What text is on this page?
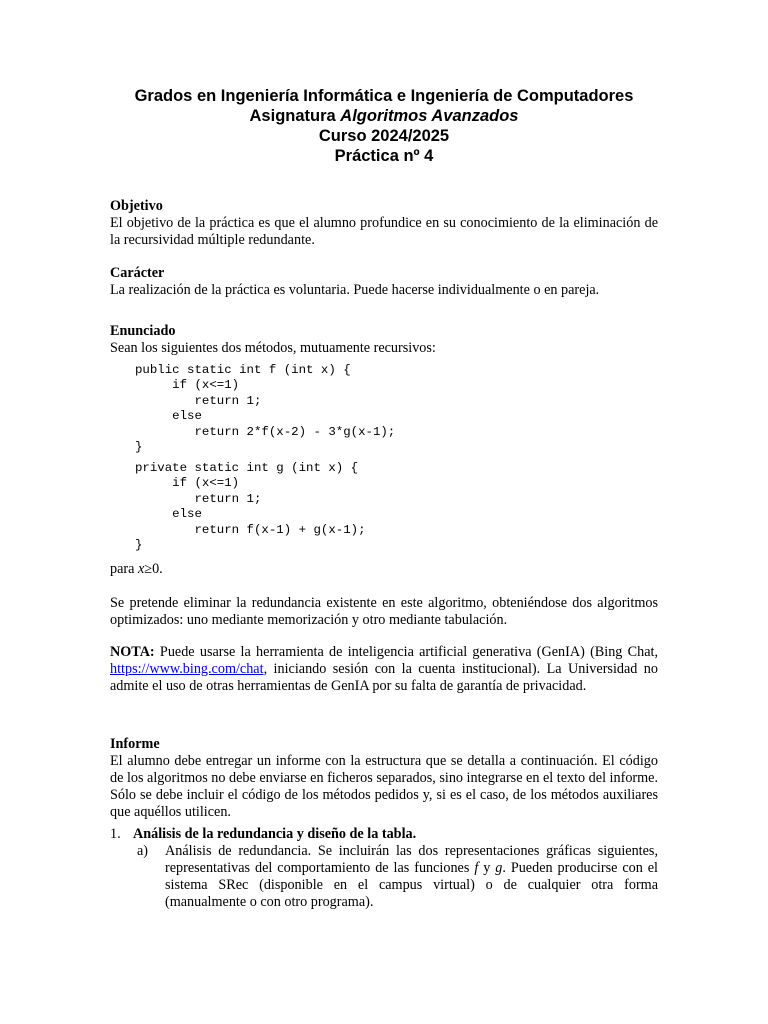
Grados en Ingeniería Informática e Ingeniería de Computadores
Asignatura Algoritmos Avanzados
Curso 2024/2025
Práctica nº 4
Objetivo
El objetivo de la práctica es que el alumno profundice en su conocimiento de la eliminación de la recursividad múltiple redundante.
Carácter
La realización de la práctica es voluntaria. Puede hacerse individualmente o en pareja.
Enunciado
Sean los siguientes dos métodos, mutuamente recursivos:
public static int f (int x) {
if (x<=1)
return 1;
else
return 2*f(x-2) - 3*g(x-1);
}
private static int g (int x) {
if (x<=1)
return 1;
else
return f(x-1) + g(x-1);
}
para x≥0.
Se pretende eliminar la redundancia existente en este algoritmo, obteniéndose dos algoritmos optimizados: uno mediante memorización y otro mediante tabulación.
NOTA: Puede usarse la herramienta de inteligencia artificial generativa (GenIA) (Bing Chat, https://www.bing.com/chat, iniciando sesión con la cuenta institucional). La Universidad no admite el uso de otras herramientas de GenIA por su falta de garantía de privacidad.
Informe
El alumno debe entregar un informe con la estructura que se detalla a continuación. El código de los algoritmos no debe enviarse en ficheros separados, sino integrarse en el texto del informe. Sólo se debe incluir el código de los métodos pedidos y, si es el caso, de los métodos auxiliares que aquéllos utilicen.
1. Análisis de la redundancia y diseño de la tabla.
a) Análisis de redundancia. Se incluirán las dos representaciones gráficas siguientes, representativas del comportamiento de las funciones f y g. Pueden producirse con el sistema SRec (disponible en el campus virtual) o de cualquier otra forma (manualmente o con otro programa).
